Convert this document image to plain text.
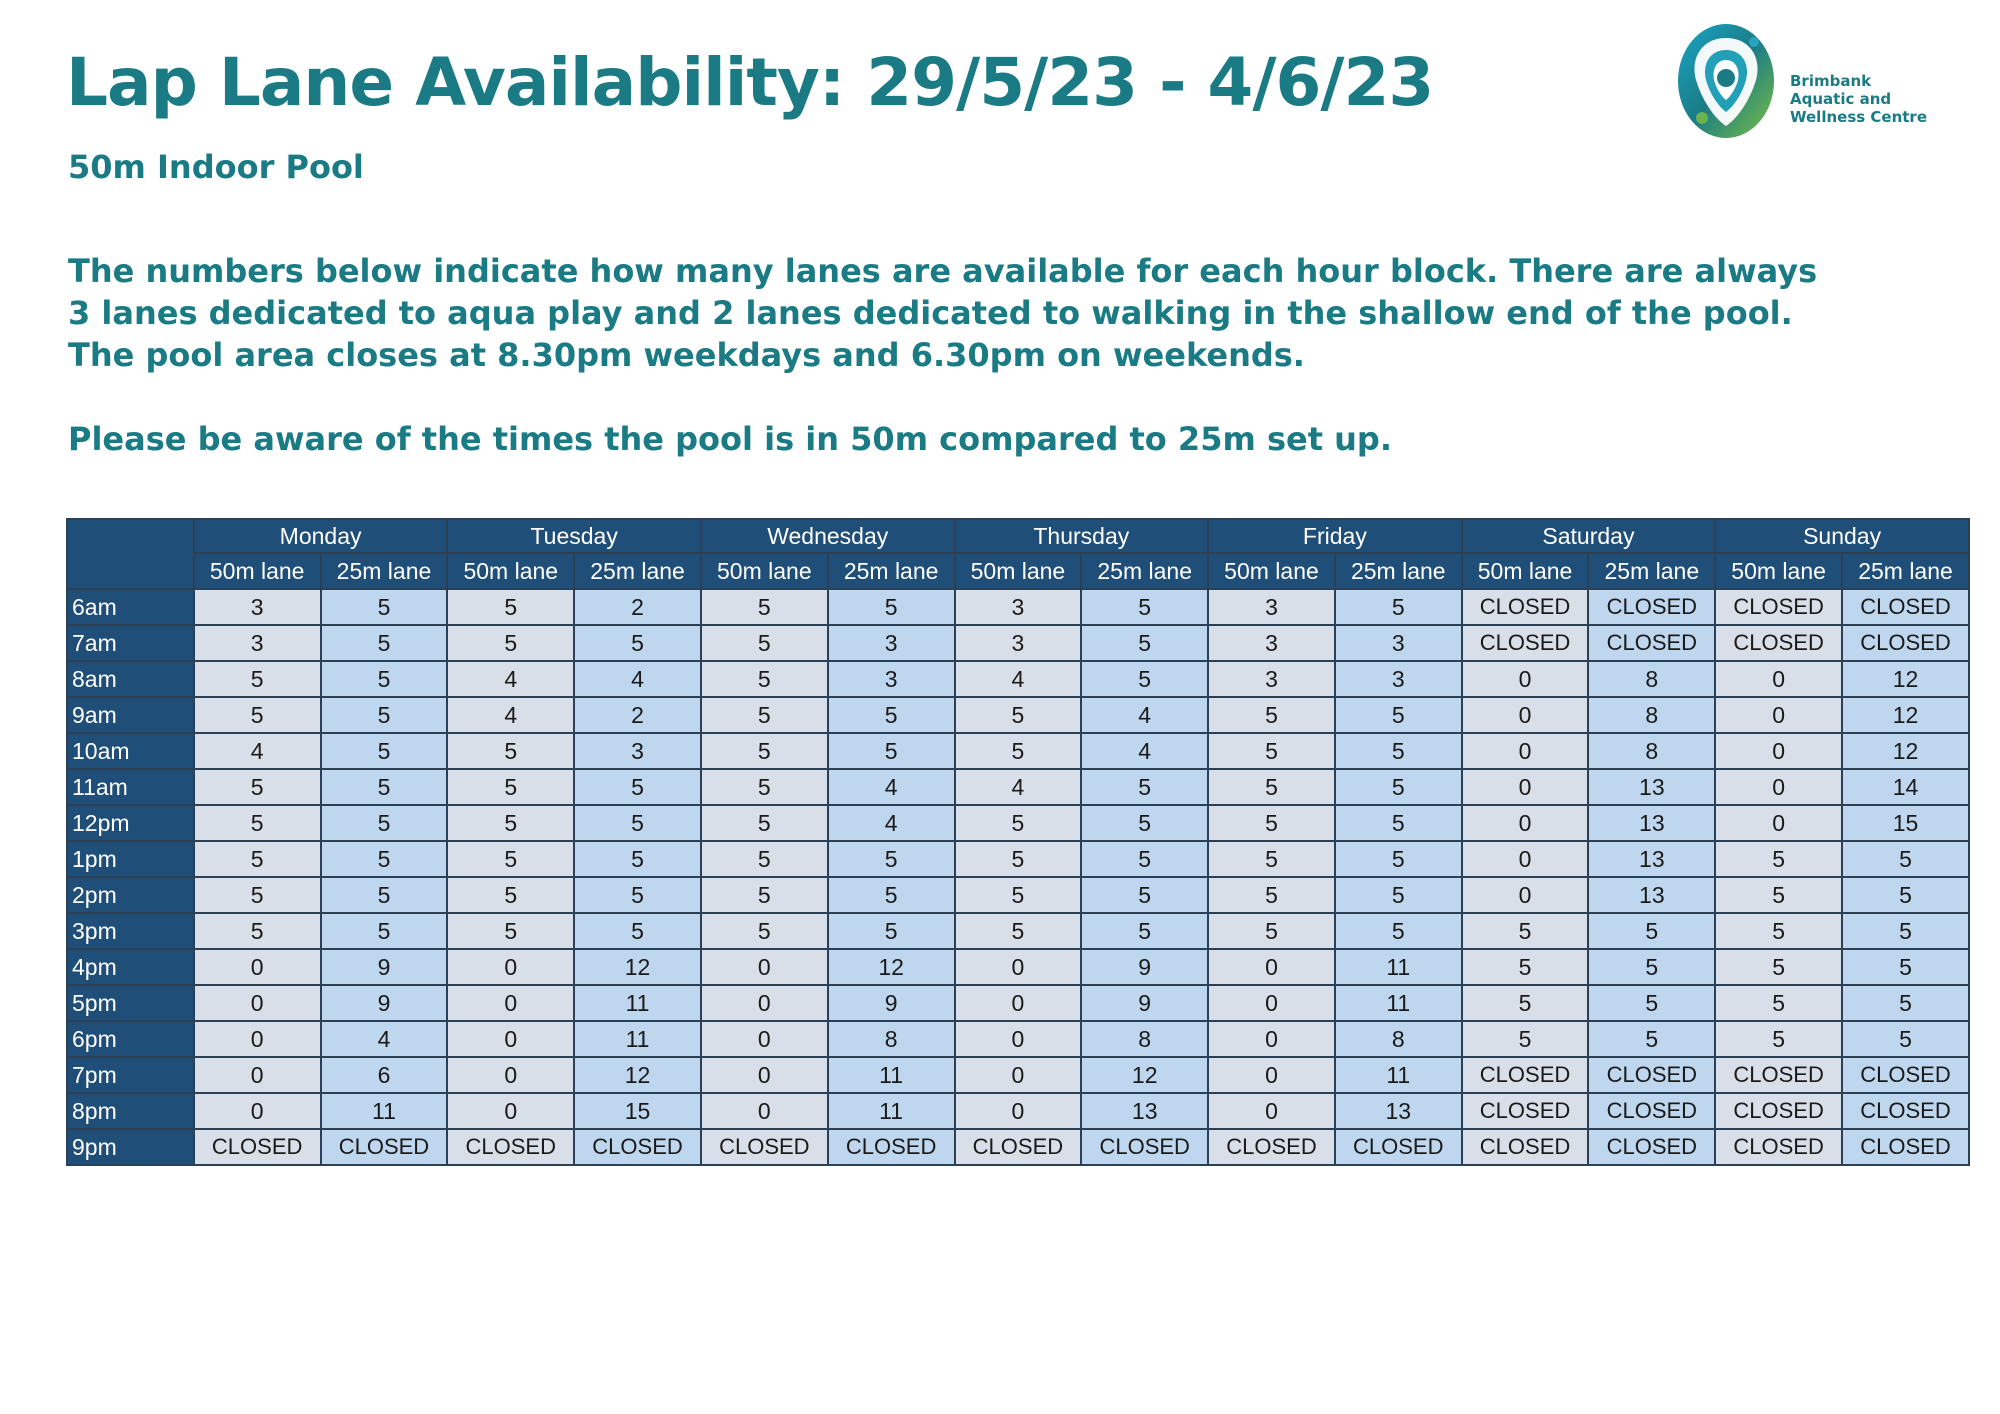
Lap Lane Availability: 29/5/23 - 4/6/23
50m Indoor Pool
Brimbank
Aquatic and
Wellness Centre

The numbers below indicate how many lanes are available for each hour block. There are always

3 lanes dedicated to aqua play and 2 lanes dedicated to walking in the shallow end of the pool.

The pool area closes at 8.30pm weekdays and 6.30pm on weekends.

Please be aware of the times the pool is in 50m compared to 25m set up.

	Monday		Tuesday		Wednesday		Thursday		Friday		Saturday		Sunday	
	50m lane	25m lane	50m lane	25m lane	50m lane	25m lane	50m lane	25m lane	50m lane	25m lane	50m lane	25m lane	50m lane	25m lane
6am	3	5	5	2	5	5	3	5	3	5	CLOSED	CLOSED	CLOSED	CLOSED
7am	3	5	5	5	5	3	3	5	3	3	CLOSED	CLOSED	CLOSED	CLOSED
8am	5	5	4	4	5	3	4	5	3	3	0	8	0	12
9am	5	5	4	2	5	5	5	4	5	5	0	8	0	12
10am	4	5	5	3	5	5	5	4	5	5	0	8	0	12
11am	5	5	5	5	5	4	4	5	5	5	0	13	0	14
12pm	5	5	5	5	5	4	5	5	5	5	0	13	0	15
1pm	5	5	5	5	5	5	5	5	5	5	0	13	5	5
2pm	5	5	5	5	5	5	5	5	5	5	0	13	5	5
3pm	5	5	5	5	5	5	5	5	5	5	5	5	5	5
4pm	0	9	0	12	0	12	0	9	0	11	5	5	5	5
5pm	0	9	0	11	0	9	0	9	0	11	5	5	5	5
6pm	0	4	0	11	0	8	0	8	0	8	5	5	5	5
7pm	0	6	0	12	0	11	0	12	0	11	CLOSED	CLOSED	CLOSED	CLOSED
8pm	0	11	0	15	0	11	0	13	0	13	CLOSED	CLOSED	CLOSED	CLOSED
9pm	CLOSED	CLOSED	CLOSED	CLOSED	CLOSED	CLOSED	CLOSED	CLOSED	CLOSED	CLOSED	CLOSED	CLOSED	CLOSED	CLOSED
